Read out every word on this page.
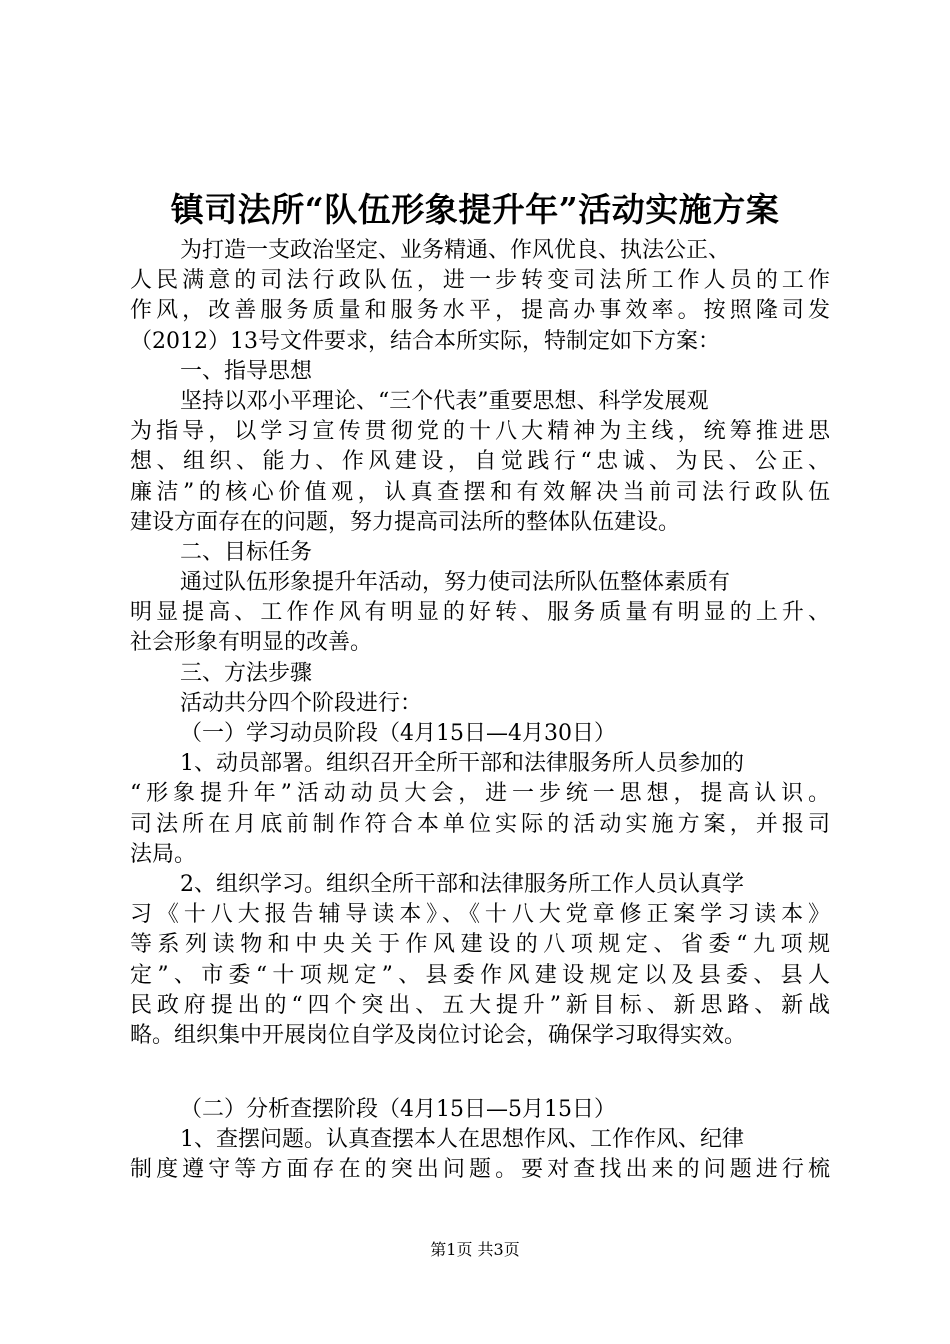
镇司法所“队伍形象提升年”活动实施方案
为打造一支政治坚定、业务精通、作风优良、执法公正、
人民满意的司法行政队伍，进一步转变司法所工作人员的工作
作风，改善服务质量和服务水平，提高办事效率。按照隆司发
（2012）13号文件要求，结合本所实际，特制定如下方案：
一、指导思想
坚持以邓小平理论、“三个代表”重要思想、科学发展观
为指导，以学习宣传贯彻党的十八大精神为主线，统筹推进思
想、组织、能力、作风建设，自觉践行“忠诚、为民、公正、
廉洁”的核心价值观，认真查摆和有效解决当前司法行政队伍
建设方面存在的问题，努力提高司法所的整体队伍建设。
二、目标任务
通过队伍形象提升年活动，努力使司法所队伍整体素质有
明显提高、工作作风有明显的好转、服务质量有明显的上升、
社会形象有明显的改善。
三、方法步骤
活动共分四个阶段进行：
（一）学习动员阶段（4月15日—4月30日）
1、动员部署。组织召开全所干部和法律服务所人员参加的
“形象提升年”活动动员大会，进一步统一思想，提高认识。
司法所在月底前制作符合本单位实际的活动实施方案，并报司
法局。
2、组织学习。组织全所干部和法律服务所工作人员认真学
习《十八大报告辅导读本》、《十八大党章修正案学习读本》
等系列读物和中央关于作风建设的八项规定、省委“九项规
定”、市委“十项规定”、县委作风建设规定以及县委、县人
民政府提出的“四个突出、五大提升”新目标、新思路、新战
略。组织集中开展岗位自学及岗位讨论会，确保学习取得实效。
（二）分析查摆阶段（4月15日—5月15日）
1、查摆问题。认真查摆本人在思想作风、工作作风、纪律
制度遵守等方面存在的突出问题。要对查找出来的问题进行梳
第1页 共3页
